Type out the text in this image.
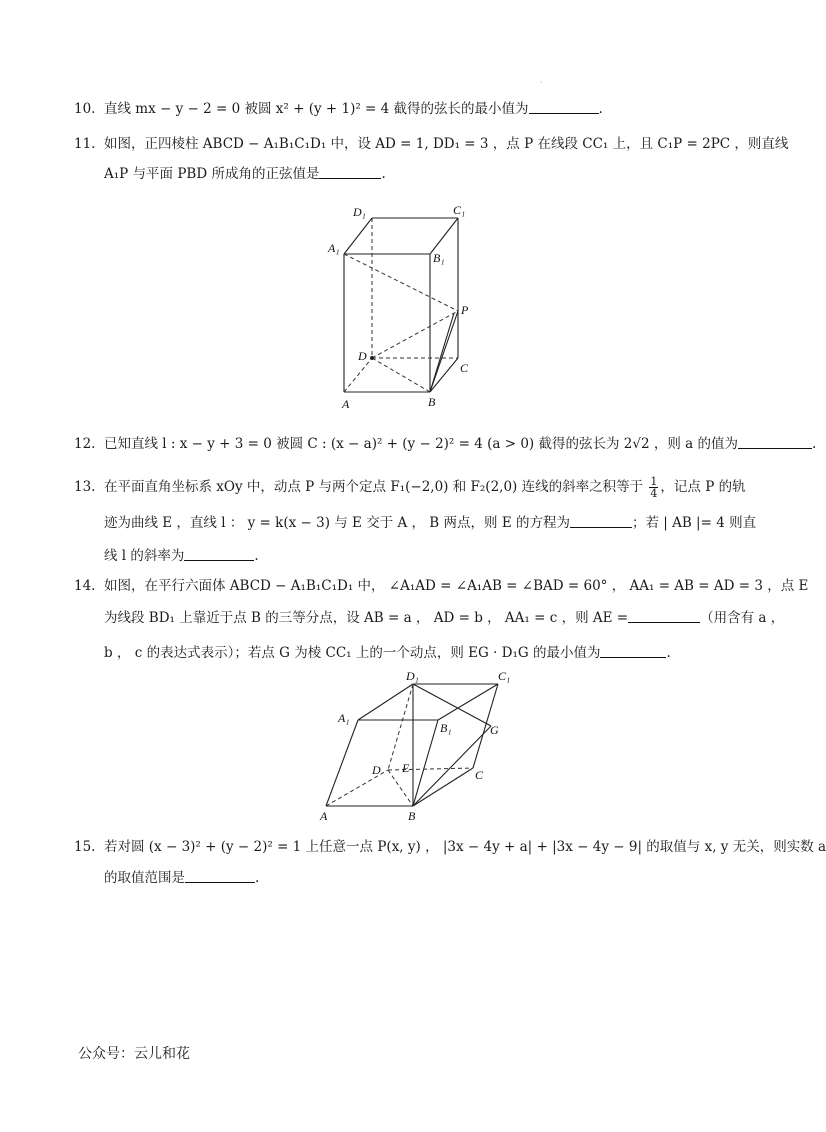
·
10. 直线 mx − y − 2 = 0 被圆 x² + (y + 1)² = 4 截得的弦长的最小值为	.
11. 如图，正四棱柱 ABCD − A₁B₁C₁D₁ 中，设 AD = 1, DD₁ = 3 ，点 P 在线段 CC₁ 上，且 C₁P = 2PC ，则直线
A₁P 与平面 PBD 所成角的正弦值是	.
D₁	C₁
A₁
B₁
P
D
C
A	B
12. 已知直线 l : x − y + 3 = 0 被圆 C : (x − a)² + (y − 2)² = 4 (a > 0) 截得的弦长为 2√2 ，则 a 的值为	.
13. 在平面直角坐标系 xOy 中，动点 P 与两个定点 F₁(−2,0) 和 F₂(2,0) 连线的斜率之积等于 $\frac{1}{4}$ ，记点 P 的轨
迹为曲线 E ，直线 l ： y = k(x − 3) 与 E 交于 A ， B 两点，则 E 的方程为	；若 | AB |= 4 则直
线 l 的斜率为	.
14. 如图，在平行六面体 ABCD − A₁B₁C₁D₁ 中， ∠A₁AD = ∠A₁AB = ∠BAD = 60° ， AA₁ = AB = AD = 3 ，点 E
为线段 BD₁ 上靠近于点 B 的三等分点，设 AB = a ， AD = b ， AA₁ = c ，则 AE =	（用含有 a ，
b ， c 的表达式表示）；若点 G 为棱 CC₁ 上的一个动点，则 EG · D₁G 的最小值为	.
D₁	C₁
A₁
B₁	G
D E	C
A	B
15. 若对圆 (x − 3)² + (y − 2)² = 1 上任意一点 P(x, y) ， |3x − 4y + a| + |3x − 4y − 9| 的取值与 x, y 无关，则实数 a
的取值范围是	.
公众号：云儿和花
